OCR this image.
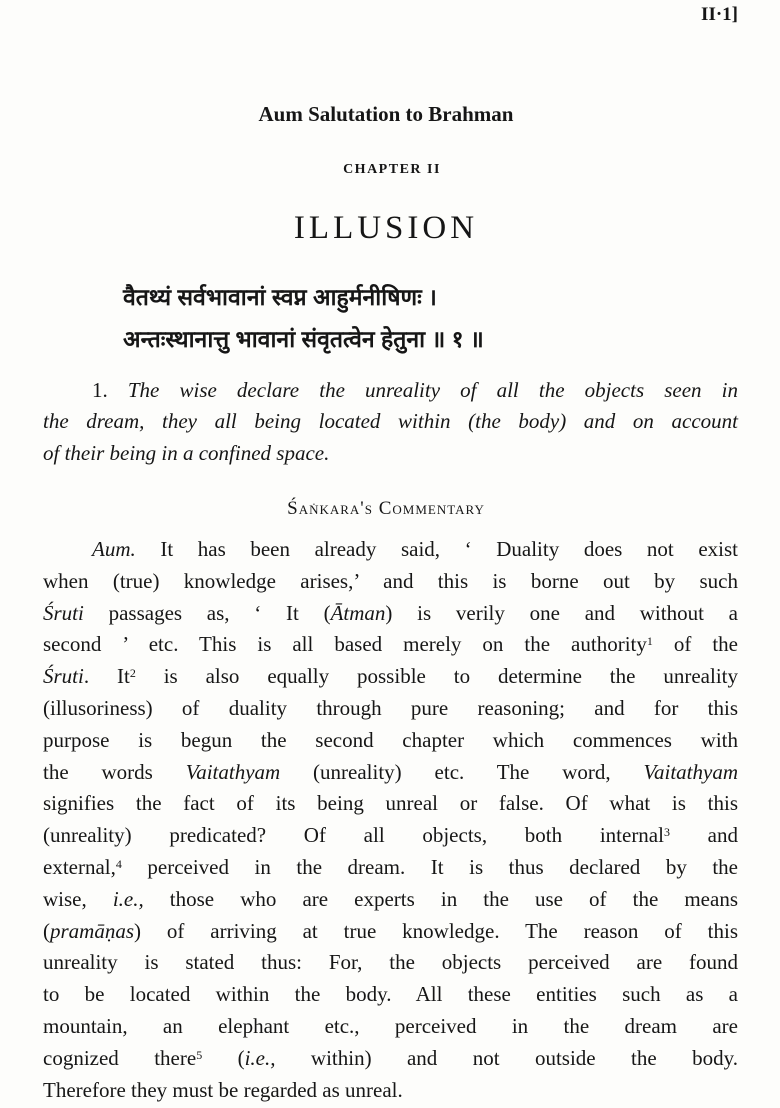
II·1]
Aum Salutation to Brahman
CHAPTER II
ILLUSION
वैतथ्यं सर्वभावानां स्वप्न आहुर्मनीषिणः ।
अन्तःस्थानात्तु भावानां संवृतत्वेन हेतुना ॥ १ ॥
1. The wise declare the unreality of all the objects seen in
the dream, they all being located within (the body) and on account
of their being in a confined space.
Śaṅkara's Commentary
Aum. It has been already said, ‘ Duality does not exist
when (true) knowledge arises,’ and this is borne out by such
Śruti passages as, ‘ It (Ātman) is verily one and without a
second ’ etc. This is all based merely on the authority$^1$ of the
Śruti. It$^2$ is also equally possible to determine the unreality
(illusoriness) of duality through pure reasoning; and for this
purpose is begun the second chapter which commences with
the words Vaitathyam (unreality) etc. The word, Vaitathyam
signifies the fact of its being unreal or false. Of what is this
(unreality) predicated? Of all objects, both internal$^3$ and
external,$^4$ perceived in the dream. It is thus declared by the
wise, i.e., those who are experts in the use of the means
(pramāṇas) of arriving at true knowledge. The reason of this
unreality is stated thus: For, the objects perceived are found
to be located within the body. All these entities such as a
mountain, an elephant etc., perceived in the dream are
cognized there$^5$ (i.e., within) and not outside the body.
Therefore they must be regarded as unreal.
